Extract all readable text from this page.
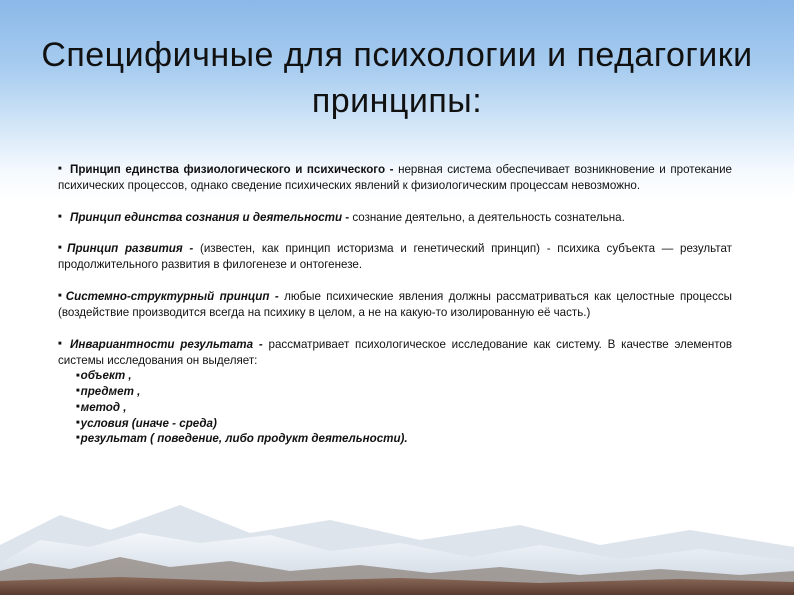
Специфичные для психологии и педагогики принципы:

■ Принцип единства физиологического и психического - нервная система обеспечивает возникновение и протекание психических процессов, однако сведение психических явлений к физиологическим процессам невозможно.

■ Принцип единства сознания и деятельности - сознание деятельно, а деятельность сознательна.

■ Принцип развития - (известен, как принцип историзма и генетический принцип) - психика субъекта — результат продолжительного развития в филогенезе и онтогенезе.

■ Системно-структурный принцип - любые психические явления должны рассматриваться как целостные процессы (воздействие производится всегда на психику в целом, а не на какую-то изолированную её часть.)

■ Инвариантности результата - рассматривает психологическое исследование как систему. В качестве элементов системы исследования он выделяет:

■объект ,
■предмет ,
■метод ,
■условия (иначе - среда)
■результат ( поведение, либо продукт деятельности).
